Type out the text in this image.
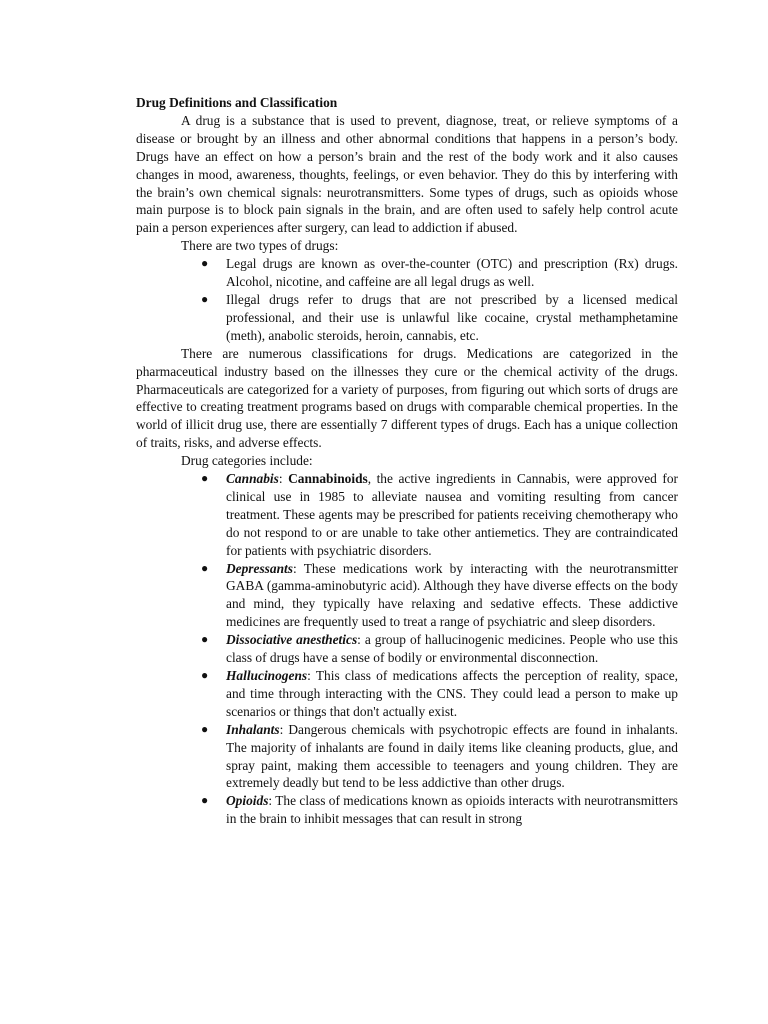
Drug Definitions and Classification

A drug is a substance that is used to prevent, diagnose, treat, or relieve symptoms of a disease or brought by an illness and other abnormal conditions that happens in a person’s body. Drugs have an effect on how a person’s brain and the rest of the body work and it also causes changes in mood, awareness, thoughts, feelings, or even behavior. They do this by interfering with the brain’s own chemical signals: neurotransmitters. Some types of drugs, such as opioids whose main purpose is to block pain signals in the brain, and are often used to safely help control acute pain a person experiences after surgery, can lead to addiction if abused.

There are two types of drugs:

● Legal drugs are known as over-the-counter (OTC) and prescription (Rx) drugs. Alcohol, nicotine, and caffeine are all legal drugs as well.
● Illegal drugs refer to drugs that are not prescribed by a licensed medical professional, and their use is unlawful like cocaine, crystal methamphetamine (meth), anabolic steroids, heroin, cannabis, etc.

There are numerous classifications for drugs. Medications are categorized in the pharmaceutical industry based on the illnesses they cure or the chemical activity of the drugs. Pharmaceuticals are categorized for a variety of purposes, from figuring out which sorts of drugs are effective to creating treatment programs based on drugs with comparable chemical properties. In the world of illicit drug use, there are essentially 7 different types of drugs. Each has a unique collection of traits, risks, and adverse effects.

Drug categories include:

● Cannabis: Cannabinoids, the active ingredients in Cannabis, were approved for clinical use in 1985 to alleviate nausea and vomiting resulting from cancer treatment. These agents may be prescribed for patients receiving chemotherapy who do not respond to or are unable to take other antiemetics. They are contraindicated for patients with psychiatric disorders.
● Depressants: These medications work by interacting with the neurotransmitter GABA (gamma-aminobutyric acid). Although they have diverse effects on the body and mind, they typically have relaxing and sedative effects. These addictive medicines are frequently used to treat a range of psychiatric and sleep disorders.
● Dissociative anesthetics: a group of hallucinogenic medicines. People who use this class of drugs have a sense of bodily or environmental disconnection.
● Hallucinogens: This class of medications affects the perception of reality, space, and time through interacting with the CNS. They could lead a person to make up scenarios or things that don't actually exist.
● Inhalants: Dangerous chemicals with psychotropic effects are found in inhalants. The majority of inhalants are found in daily items like cleaning products, glue, and spray paint, making them accessible to teenagers and young children. They are extremely deadly but tend to be less addictive than other drugs.
● Opioids: The class of medications known as opioids interacts with neurotransmitters in the brain to inhibit messages that can result in strong
